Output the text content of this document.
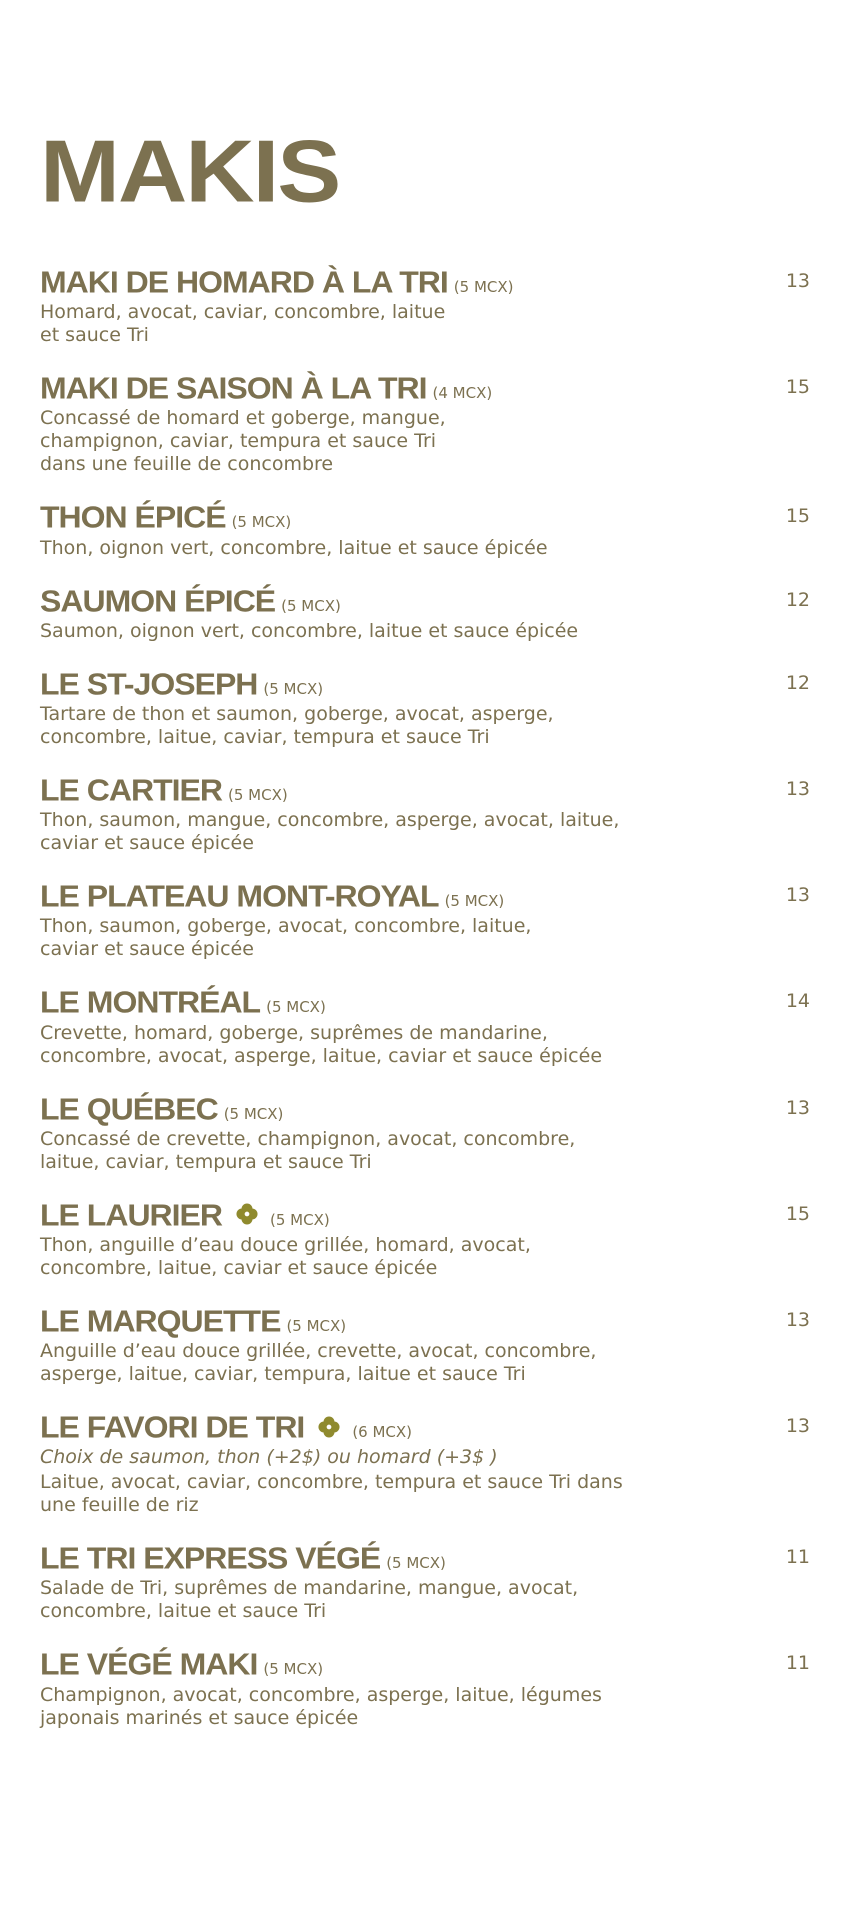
MAKIS
MAKI DE HOMARD À LA TRI (5 MCX)
Homard, avocat, caviar, concombre, laitue
et sauce Tri
13
MAKI DE SAISON À LA TRI (4 MCX)
Concassé de homard et goberge, mangue,
champignon, caviar, tempura et sauce Tri
dans une feuille de concombre
15
THON ÉPICÉ (5 MCX)
Thon, oignon vert, concombre, laitue et sauce épicée
15
SAUMON ÉPICÉ (5 MCX)
Saumon, oignon vert, concombre, laitue et sauce épicée
12
LE ST-JOSEPH (5 MCX)
Tartare de thon et saumon, goberge, avocat, asperge,
concombre, laitue, caviar, tempura et sauce Tri
12
LE CARTIER (5 MCX)
Thon, saumon, mangue, concombre, asperge, avocat, laitue,
caviar et sauce épicée
13
LE PLATEAU MONT-ROYAL (5 MCX)
Thon, saumon, goberge, avocat, concombre, laitue,
caviar et sauce épicée
13
LE MONTRÉAL (5 MCX)
Crevette, homard, goberge, suprêmes de mandarine,
concombre, avocat, asperge, laitue, caviar et sauce épicée
14
LE QUÉBEC (5 MCX)
Concassé de crevette, champignon, avocat, concombre,
laitue, caviar, tempura et sauce Tri
13
LE LAURIER	(5 MCX)
Thon, anguille d’eau douce grillée, homard, avocat,
concombre, laitue, caviar et sauce épicée
15
LE MARQUETTE (5 MCX)
Anguille d’eau douce grillée, crevette, avocat, concombre,
asperge, laitue, caviar, tempura, laitue et sauce Tri
13
LE FAVORI DE TRI	(6 MCX)
Choix de saumon, thon (+2$) ou homard (+3$ )
Laitue, avocat, caviar, concombre, tempura et sauce Tri dans
une feuille de riz
13
LE TRI EXPRESS VÉGÉ (5 MCX)
Salade de Tri, suprêmes de mandarine, mangue, avocat,
concombre, laitue et sauce Tri
11
LE VÉGÉ MAKI (5 MCX)
Champignon, avocat, concombre, asperge, laitue, légumes
japonais marinés et sauce épicée
11
